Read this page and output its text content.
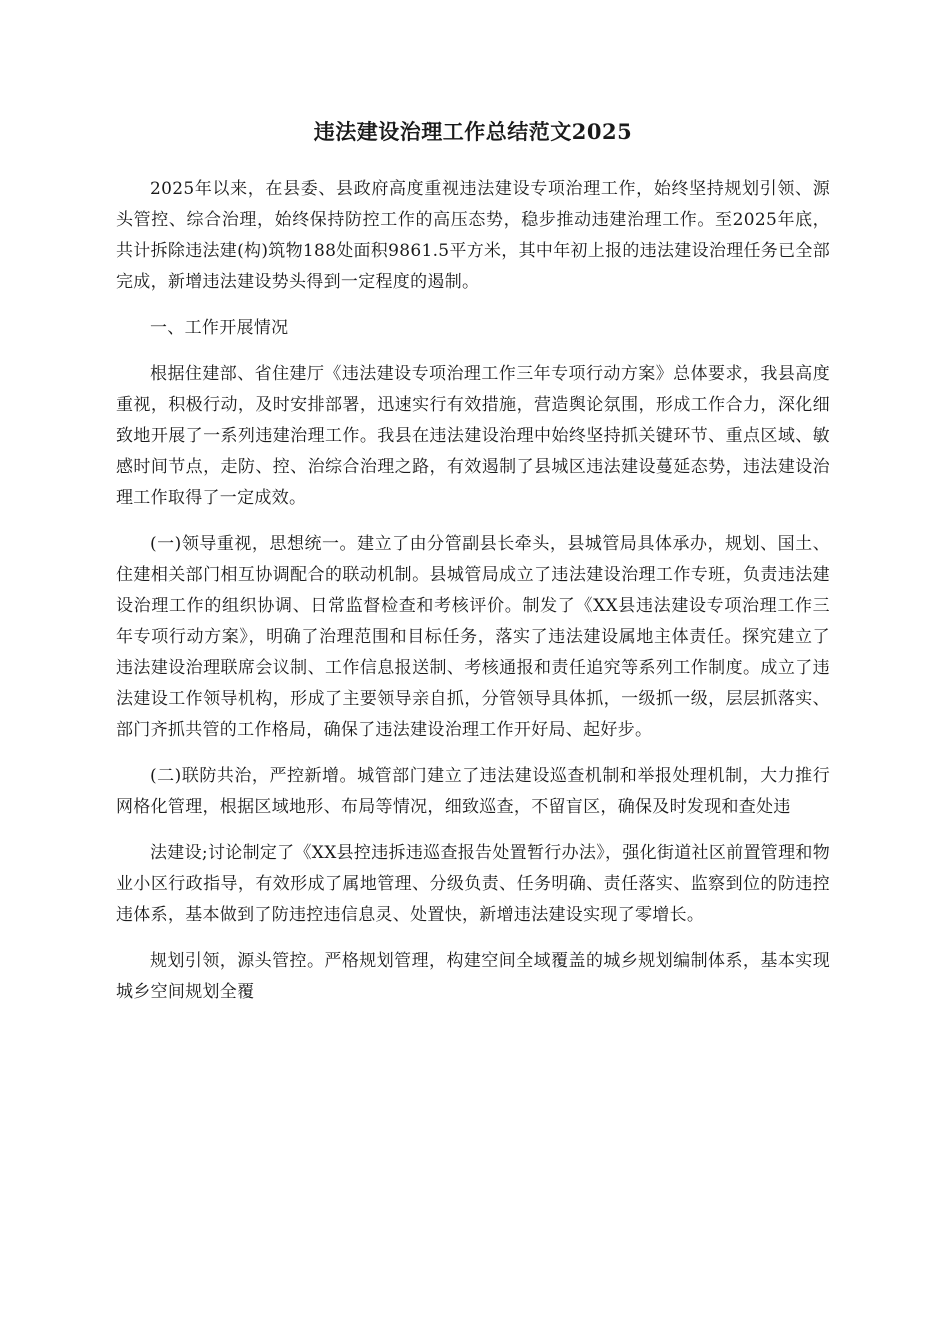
违法建设治理工作总结范文2025

2025年以来，在县委、县政府高度重视违法建设专项治理工作，始终坚持规划引领、源头管控、综合治理，始终保持防控工作的高压态势，稳步推动违建治理工作。至2025年底，共计拆除违法建(构)筑物188处面积9861.5平方米，其中年初上报的违法建设治理任务已全部完成，新增违法建设势头得到一定程度的遏制。

一、工作开展情况

根据住建部、省住建厅《违法建设专项治理工作三年专项行动方案》总体要求，我县高度重视，积极行动，及时安排部署，迅速实行有效措施，营造舆论氛围，形成工作合力，深化细致地开展了一系列违建治理工作。我县在违法建设治理中始终坚持抓关键环节、重点区域、敏感时间节点，走防、控、治综合治理之路，有效遏制了县城区违法建设蔓延态势，违法建设治理工作取得了一定成效。

(一)领导重视，思想统一。建立了由分管副县长牵头，县城管局具体承办，规划、国土、住建相关部门相互协调配合的联动机制。县城管局成立了违法建设治理工作专班，负责违法建设治理工作的组织协调、日常监督检查和考核评价。制发了《XX县违法建设专项治理工作三年专项行动方案》，明确了治理范围和目标任务，落实了违法建设属地主体责任。探究建立了违法建设治理联席会议制、工作信息报送制、考核通报和责任追究等系列工作制度。成立了违法建设工作领导机构，形成了主要领导亲自抓，分管领导具体抓，一级抓一级，层层抓落实、部门齐抓共管的工作格局，确保了违法建设治理工作开好局、起好步。

(二)联防共治，严控新增。城管部门建立了违法建设巡查机制和举报处理机制，大力推行网格化管理，根据区域地形、布局等情况，细致巡查，不留盲区，确保及时发现和查处违

法建设;讨论制定了《XX县控违拆违巡查报告处置暂行办法》，强化街道社区前置管理和物业小区行政指导，有效形成了属地管理、分级负责、任务明确、责任落实、监察到位的防违控违体系，基本做到了防违控违信息灵、处置快，新增违法建设实现了零增长。

规划引领，源头管控。严格规划管理，构建空间全域覆盖的城乡规划编制体系，基本实现城乡空间规划全覆
